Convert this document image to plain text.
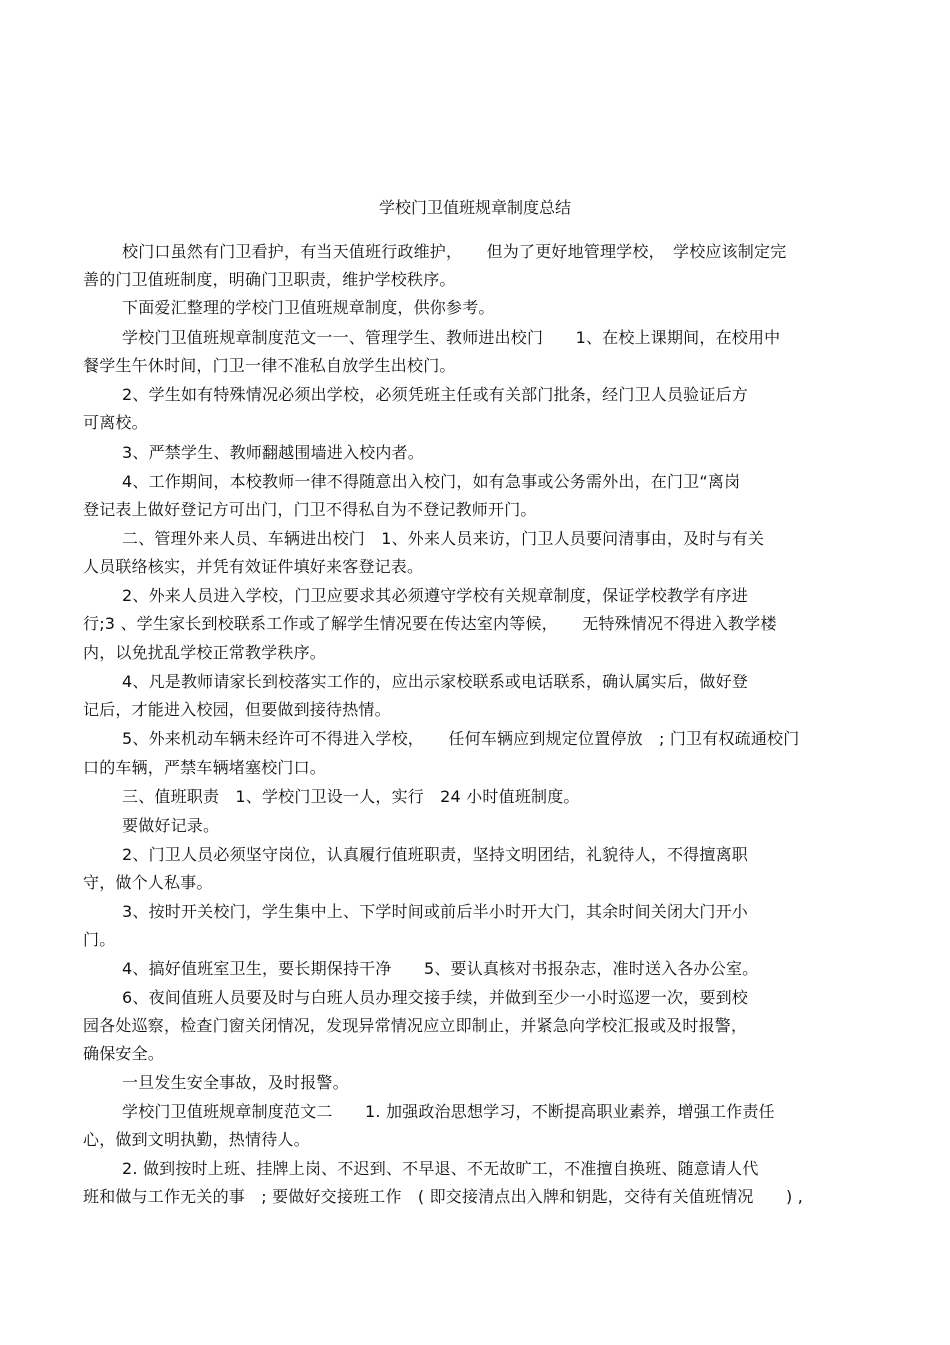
学校门卫值班规章制度总结
校门口虽然有门卫看护，有当天值班行政维护，　　但为了更好地管理学校，　学校应该制定完
善的门卫值班制度，明确门卫职责，维护学校秩序。
下面爱汇整理的学校门卫值班规章制度，供你参考。
学校门卫值班规章制度范文一一、管理学生、教师进出校门　　1、在校上课期间，在校用中
餐学生午休时间，门卫一律不准私自放学生出校门。
2、学生如有特殊情况必须出学校，必须凭班主任或有关部门批条，经门卫人员验证后方
可离校。
3、严禁学生、教师翻越围墙进入校内者。
4、工作期间，本校教师一律不得随意出入校门，如有急事或公务需外出，在门卫“离岗
登记表上做好登记方可出门，门卫不得私自为不登记教师开门。
二、管理外来人员、车辆进出校门　1、外来人员来访，门卫人员要问清事由，及时与有关
人员联络核实，并凭有效证件填好来客登记表。
2、外来人员进入学校，门卫应要求其必须遵守学校有关规章制度，保证学校教学有序进
行;3 、学生家长到校联系工作或了解学生情况要在传达室内等候，　　无特殊情况不得进入教学楼
内，以免扰乱学校正常教学秩序。
4、凡是教师请家长到校落实工作的，应出示家校联系或电话联系，确认属实后，做好登
记后，才能进入校园，但要做到接待热情。
5、外来机动车辆未经许可不得进入学校，　　任何车辆应到规定位置停放　; 门卫有权疏通校门
口的车辆，严禁车辆堵塞校门口。
三、值班职责　1、学校门卫设一人，实行　24 小时值班制度。
要做好记录。
2、门卫人员必须坚守岗位，认真履行值班职责，坚持文明团结，礼貌待人，不得擅离职
守，做个人私事。
3、按时开关校门，学生集中上、下学时间或前后半小时开大门，其余时间关闭大门开小
门。
4、搞好值班室卫生，要长期保持干净　　5、要认真核对书报杂志，准时送入各办公室。
6、夜间值班人员要及时与白班人员办理交接手续，并做到至少一小时巡逻一次，要到校
园各处巡察，检查门窗关闭情况，发现异常情况应立即制止，并紧急向学校汇报或及时报警，
确保安全。
一旦发生安全事故，及时报警。
学校门卫值班规章制度范文二　　1. 加强政治思想学习，不断提高职业素养，增强工作责任
心，做到文明执勤，热情待人。
2. 做到按时上班、挂牌上岗、不迟到、不早退、不无故旷工，不准擅自换班、随意请人代
班和做与工作无关的事　; 要做好交接班工作　( 即交接清点出入牌和钥匙，交待有关值班情况　　) ,
